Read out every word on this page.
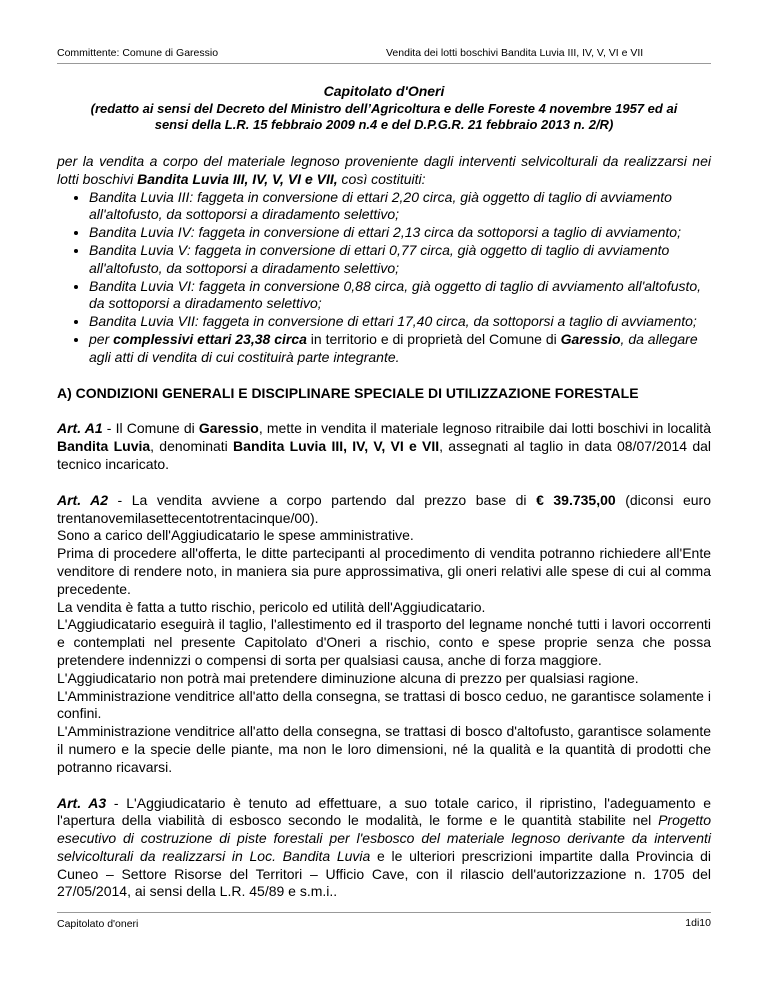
Committente: Comune di Garessio	Vendita dei lotti boschivi Bandita Luvia III, IV, V, VI e VII
Capitolato d'Oneri
(redatto ai sensi del Decreto del Ministro dell’Agricoltura e delle Foreste 4 novembre 1957 ed ai
sensi della L.R. 15 febbraio 2009 n.4 e del D.P.G.R. 21 febbraio 2013 n. 2/R)

per la vendita a corpo del materiale legnoso proveniente dagli interventi selvicolturali da realizzarsi nei lotti boschivi Bandita Luvia III, IV, V, VI e VII, così costituiti:

• Bandita Luvia III: faggeta in conversione di ettari 2,20 circa, già oggetto di taglio di avviamento all'altofusto, da sottoporsi a diradamento selettivo;
• Bandita Luvia IV: faggeta in conversione di ettari 2,13 circa da sottoporsi a taglio di avviamento;
• Bandita Luvia V: faggeta in conversione di ettari 0,77 circa, già oggetto di taglio di avviamento all'altofusto, da sottoporsi a diradamento selettivo;
• Bandita Luvia VI: faggeta in conversione 0,88 circa, già oggetto di taglio di avviamento all'altofusto, da sottoporsi a diradamento selettivo;
• Bandita Luvia VII: faggeta in conversione di ettari 17,40 circa, da sottoporsi a taglio di avviamento;
• per complessivi ettari 23,38 circa in territorio e di proprietà del Comune di Garessio, da allegare agli atti di vendita di cui costituirà parte integrante.
A) CONDIZIONI GENERALI E DISCIPLINARE SPECIALE DI UTILIZZAZIONE FORESTALE

Art. A1 - Il Comune di Garessio, mette in vendita il materiale legnoso ritraibile dai lotti boschivi in località Bandita Luvia, denominati Bandita Luvia III, IV, V, VI e VII, assegnati al taglio in data 08/07/2014 dal tecnico incaricato.

Art. A2 - La vendita avviene a corpo partendo dal prezzo base di € 39.735,00 (diconsi euro trentanovemilasettecentotrentacinque/00).

Sono a carico dell'Aggiudicatario le spese amministrative.

Prima di procedere all'offerta, le ditte partecipanti al procedimento di vendita potranno richiedere all'Ente venditore di rendere noto, in maniera sia pure approssimativa, gli oneri relativi alle spese di cui al comma precedente.

La vendita è fatta a tutto rischio, pericolo ed utilità dell'Aggiudicatario.

L'Aggiudicatario eseguirà il taglio, l'allestimento ed il trasporto del legname nonché tutti i lavori occorrenti e contemplati nel presente Capitolato d'Oneri a rischio, conto e spese proprie senza che possa pretendere indennizzi o compensi di sorta per qualsiasi causa, anche di forza maggiore.

L'Aggiudicatario non potrà mai pretendere diminuzione alcuna di prezzo per qualsiasi ragione.

L'Amministrazione venditrice all'atto della consegna, se trattasi di bosco ceduo, ne garantisce solamente i confini.

L'Amministrazione venditrice all'atto della consegna, se trattasi di bosco d'altofusto, garantisce solamente il numero e la specie delle piante, ma non le loro dimensioni, né la qualità e la quantità di prodotti che potranno ricavarsi.

Art. A3 - L'Aggiudicatario è tenuto ad effettuare, a suo totale carico, il ripristino, l'adeguamento e l'apertura della viabilità di esbosco secondo le modalità, le forme e le quantità stabilite nel Progetto esecutivo di costruzione di piste forestali per l'esbosco del materiale legnoso derivante da interventi selvicolturali da realizzarsi in Loc. Bandita Luvia e le ulteriori prescrizioni impartite dalla Provincia di Cuneo – Settore Risorse del Territori – Ufficio Cave, con il rilascio dell'autorizzazione n. 1705 del 27/05/2014, ai sensi della L.R. 45/89 e s.m.i..

Capitolato d'oneri	1di10
